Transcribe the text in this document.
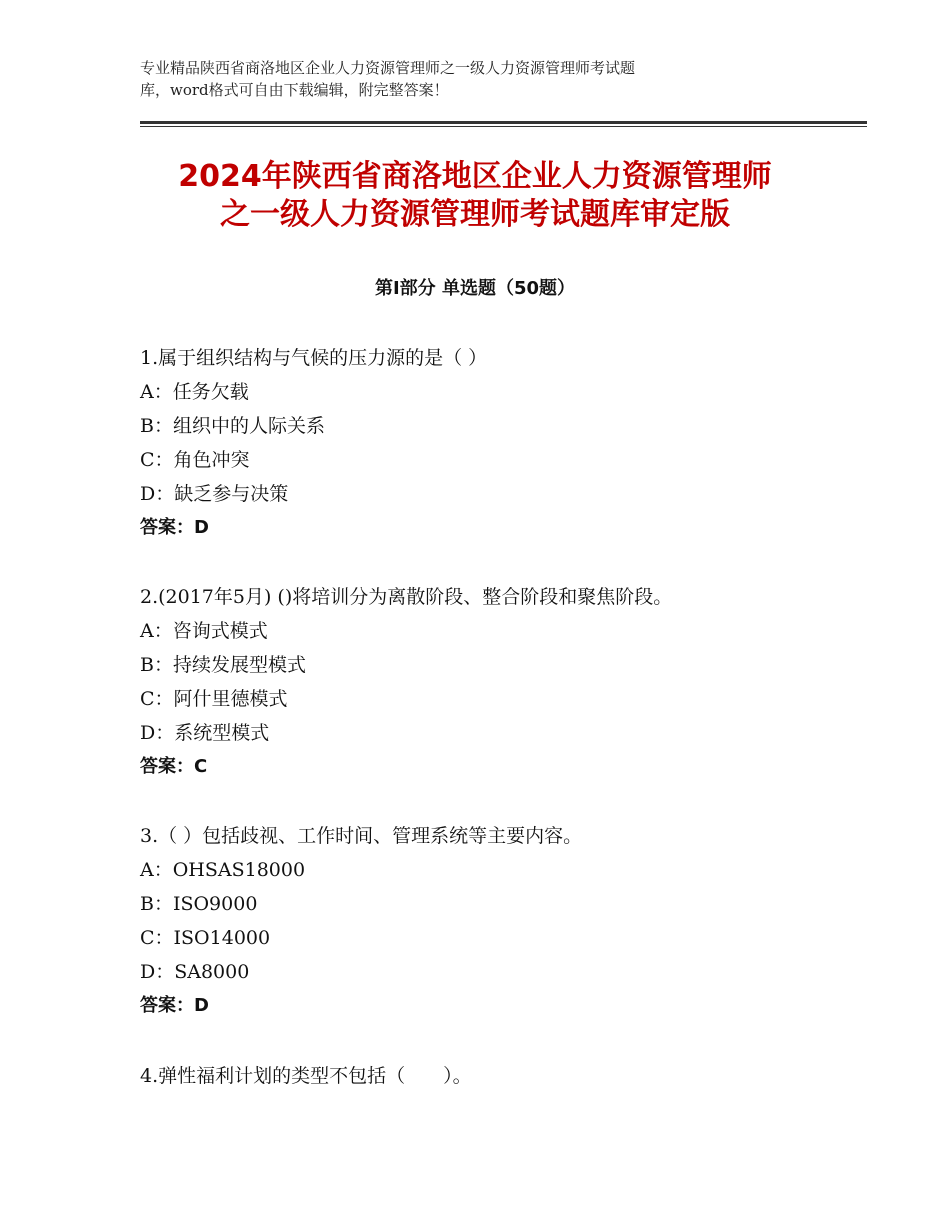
专业精品陕西省商洛地区企业人力资源管理师之一级人力资源管理师考试题
库，word格式可自由下载编辑，附完整答案！
2024年陕西省商洛地区企业人力资源管理师
之一级人力资源管理师考试题库审定版
第Ⅰ部分 单选题（50题）
1.属于组织结构与气候的压力源的是（ ）
A：任务欠载
B：组织中的人际关系
C：角色冲突
D：缺乏参与决策
答案：D
2.(2017年5月) ()将培训分为离散阶段、整合阶段和聚焦阶段。
A：咨询式模式
B：持续发展型模式
C：阿什里德模式
D：系统型模式
答案：C
3.（ ）包括歧视、工作时间、管理系统等主要内容。
A：OHSAS18000
B：ISO9000
C：ISO14000
D：SA8000
答案：D
4.弹性福利计划的类型不包括（　　）。
